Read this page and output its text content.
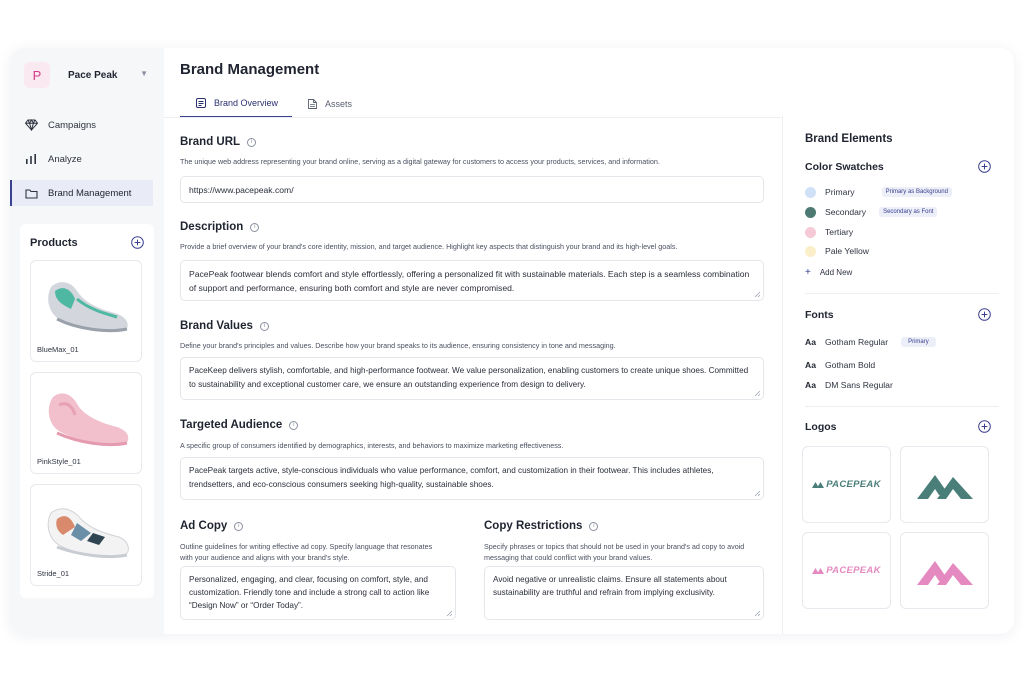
P	Pace Peak	▼
Campaigns
Analyze
Brand Management
Products
BlueMax_01
PinkStyle_01
Stride_01
Brand Management
Brand Overview	Assets
Brand URL	i
The unique web address representing your brand online, serving as a digital gateway for customers to access your products, services, and information.
https://www.pacepeak.com/
Description	i
Provide a brief overview of your brand's core identity, mission, and target audience. Highlight key aspects that distinguish your brand and its high-level goals.
PacePeak footwear blends comfort and style effortlessly, offering a personalized fit with sustainable materials. Each step is a seamless combination of support and performance, ensuring both comfort and style are never compromised.
Brand Values	i
Define your brand's principles and values. Describe how your brand speaks to its audience, ensuring consistency in tone and messaging.
PaceKeep delivers stylish, comfortable, and high-performance footwear. We value personalization, enabling customers to create unique shoes. Committed to sustainability and exceptional customer care, we ensure an outstanding experience from design to delivery.
Targeted Audience	i
A specific group of consumers identified by demographics, interests, and behaviors to maximize marketing effectiveness.
PacePeak targets active, style-conscious individuals who value performance, comfort, and customization in their footwear. This includes athletes, trendsetters, and eco-conscious consumers seeking high-quality, sustainable shoes.
Ad Copy	i
Outline guidelines for writing effective ad copy. Specify language that resonates with your audience and aligns with your brand's style.
Personalized, engaging, and clear, focusing on comfort, style, and customization. Friendly tone and include a strong call to action like “Design Now” or “Order Today”.
Copy Restrictions	i
Specify phrases or topics that should not be used in your brand's ad copy to avoid messaging that could conflict with your brand values.
Avoid negative or unrealistic claims. Ensure all statements about sustainability are truthful and refrain from implying exclusivity.
Brand Elements
Color Swatches
Primary	Primary as Background
Secondary	Secondary as Font
Tertiary
Pale Yellow
+ Add New
Fonts
Aa Gotham Regular	Primary
Aa Gotham Bold
Aa DM Sans Regular
Logos
PACEPEAK
PACEPEAK
